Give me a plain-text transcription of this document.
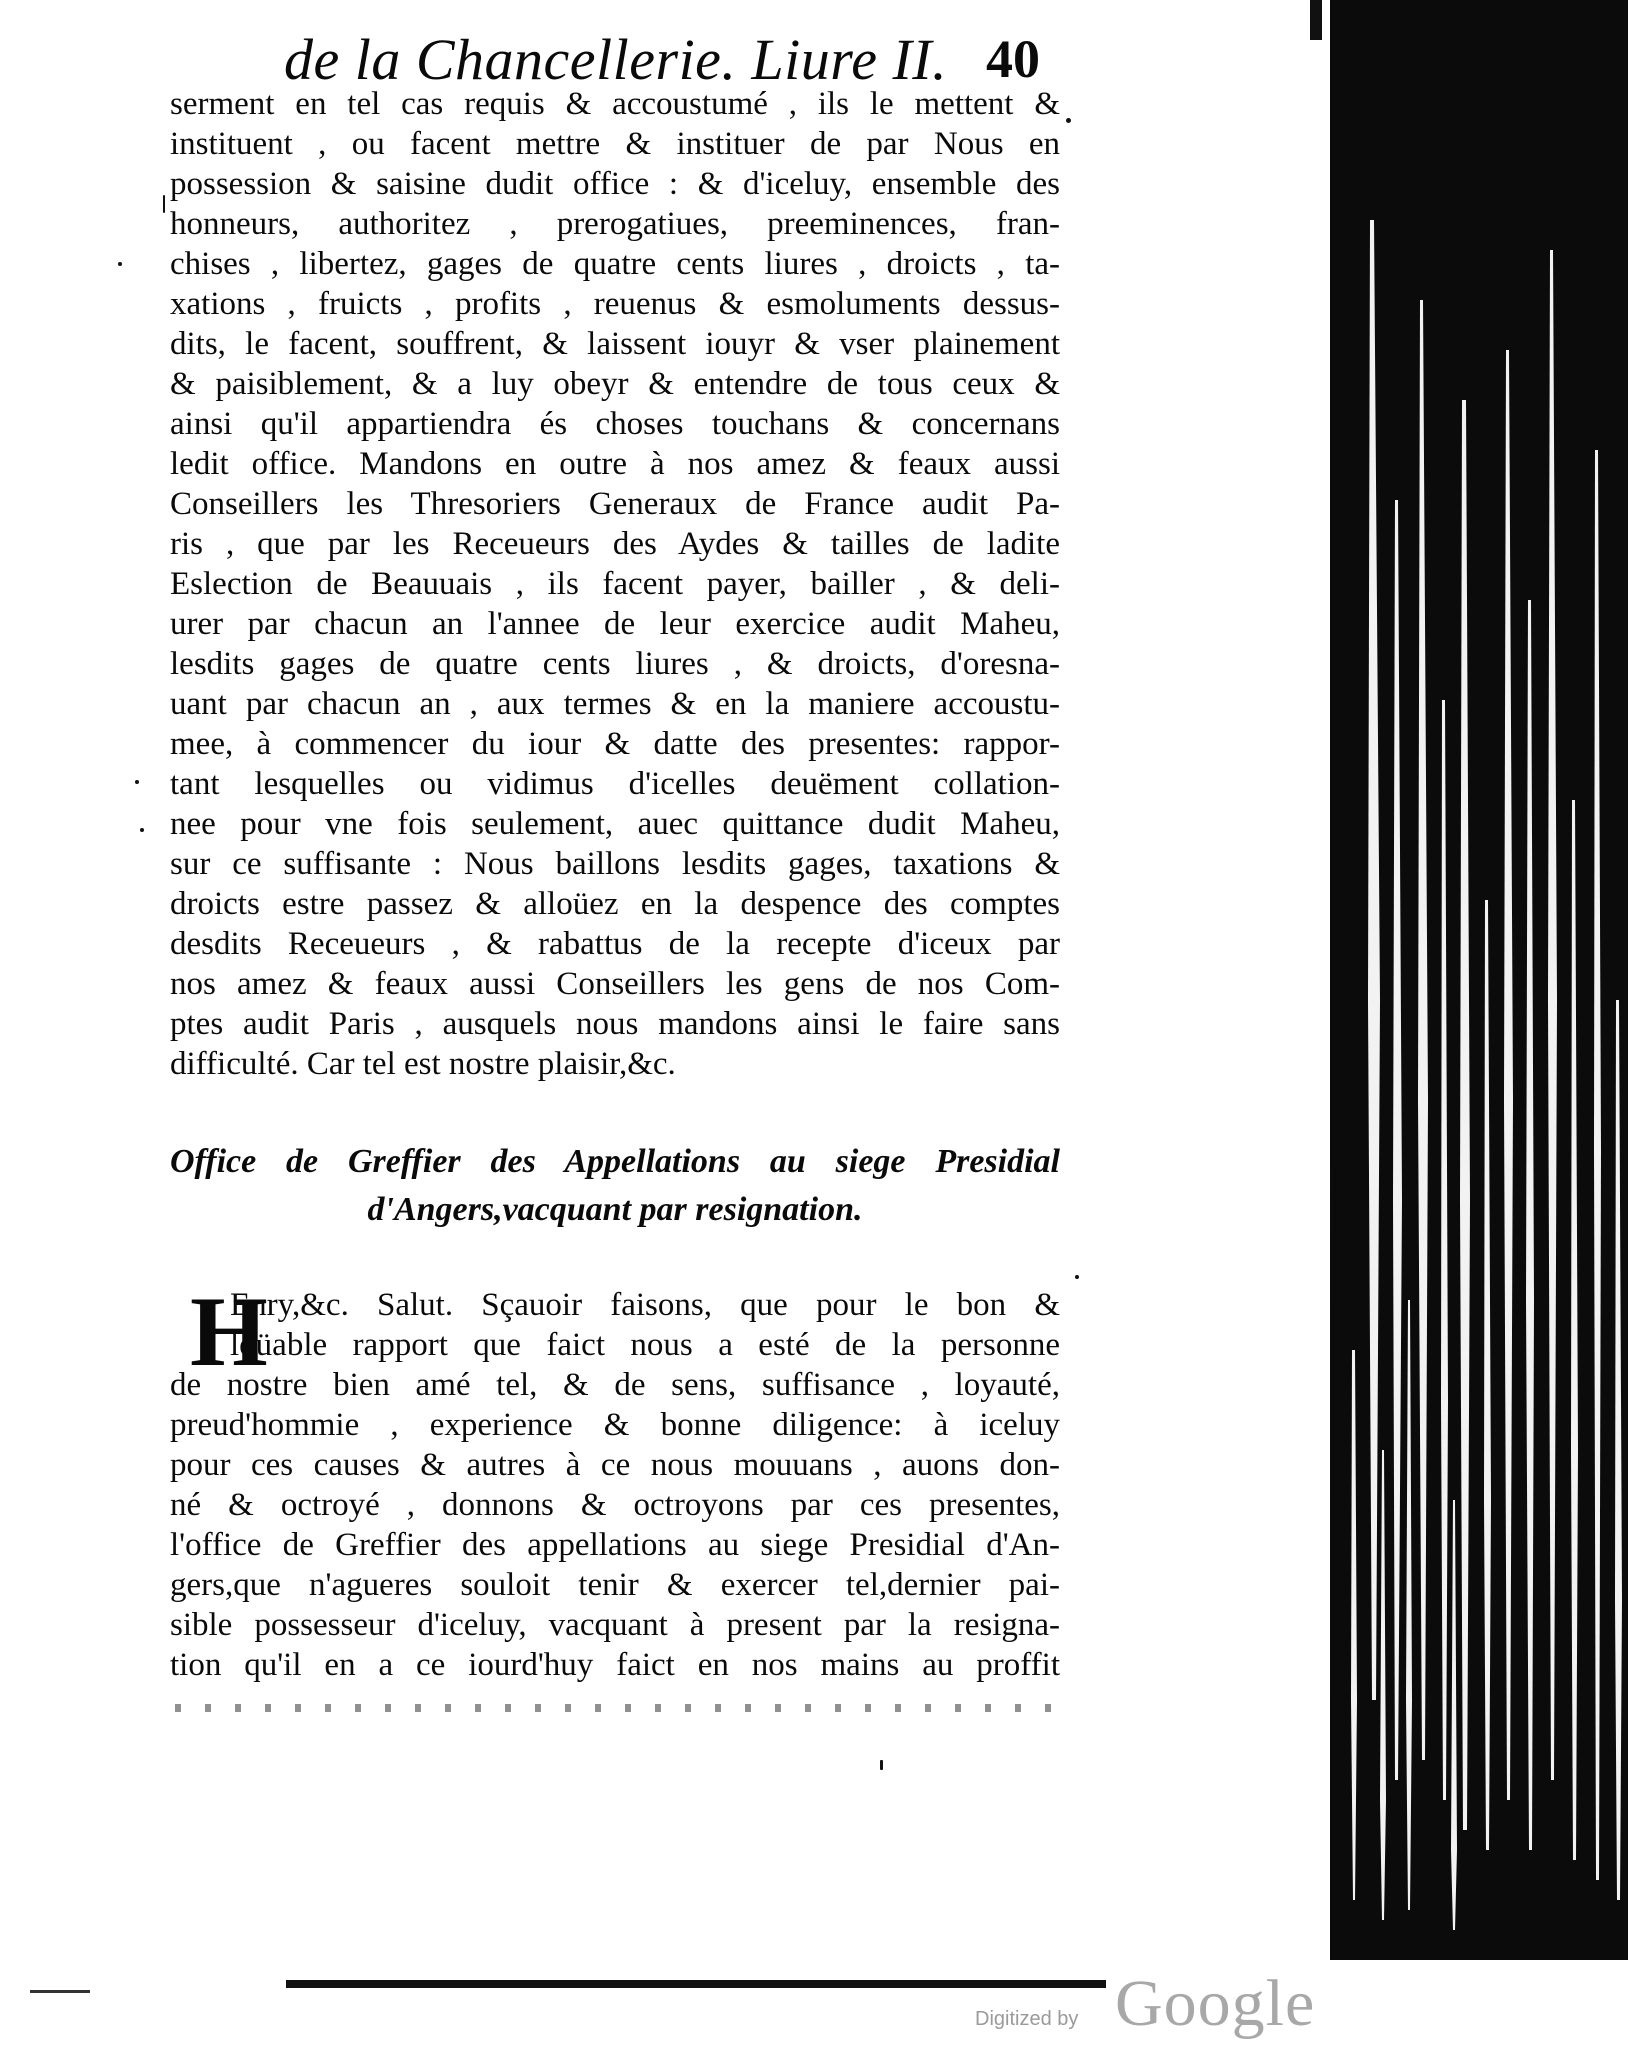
de la Chancellerie. Liure II. 40
serment en tel cas requis & accoustumé , ils le mettent &
instituent , ou facent mettre & instituer de par Nous en
possession & saisine dudit office : & d'iceluy, ensemble des
honneurs, authoritez , prerogatiues, preeminences, fran-
chises , libertez, gages de quatre cents liures , droicts , ta-
xations , fruicts , profits , reuenus & esmoluments dessus-
dits, le facent, souffrent, & laissent iouyr & vser plainement
& paisiblement, & a luy obeyr & entendre de tous ceux &
ainsi qu'il appartiendra és choses touchans & concernans
ledit office. Mandons en outre à nos amez & feaux aussi
Conseillers les Thresoriers Generaux de France audit Pa-
ris , que par les Receueurs des Aydes & tailles de ladite
Eslection de Beauuais , ils facent payer, bailler , & deli-
urer par chacun an l'annee de leur exercice audit Maheu,
lesdits gages de quatre cents liures , & droicts, d'oresna-
uant par chacun an , aux termes & en la maniere accoustu-
mee, à commencer du iour & datte des presentes: rappor-
tant lesquelles ou vidimus d'icelles deuëment collation-
nee pour vne fois seulement, auec quittance dudit Maheu,
sur ce suffisante : Nous baillons lesdits gages, taxations &
droicts estre passez & alloüez en la despence des comptes
desdits Receueurs , & rabattus de la recepte d'iceux par
nos amez & feaux aussi Conseillers les gens de nos Com-
ptes audit Paris , ausquels nous mandons ainsi le faire sans
difficulté. Car tel est nostre plaisir,&c.
Office de Greffier des Appellations au siege Presidial
d'Angers,vacquant par resignation.
H
Enry,&c. Salut. Sçauoir faisons, que pour le bon &
loüable rapport que faict nous a esté de la personne
de nostre bien amé tel, & de sens, suffisance , loyauté,
preud'hommie , experience & bonne diligence: à iceluy
pour ces causes & autres à ce nous mouuans , auons don-
né & octroyé , donnons & octroyons par ces presentes,
l'office de Greffier des appellations au siege Presidial d'An-
gers,que n'agueres souloit tenir & exercer tel,dernier pai-
sible possesseur d'iceluy, vacquant à present par la resigna-
tion qu'il en a ce iourd'huy faict en nos mains au proffit
Digitized by Google
